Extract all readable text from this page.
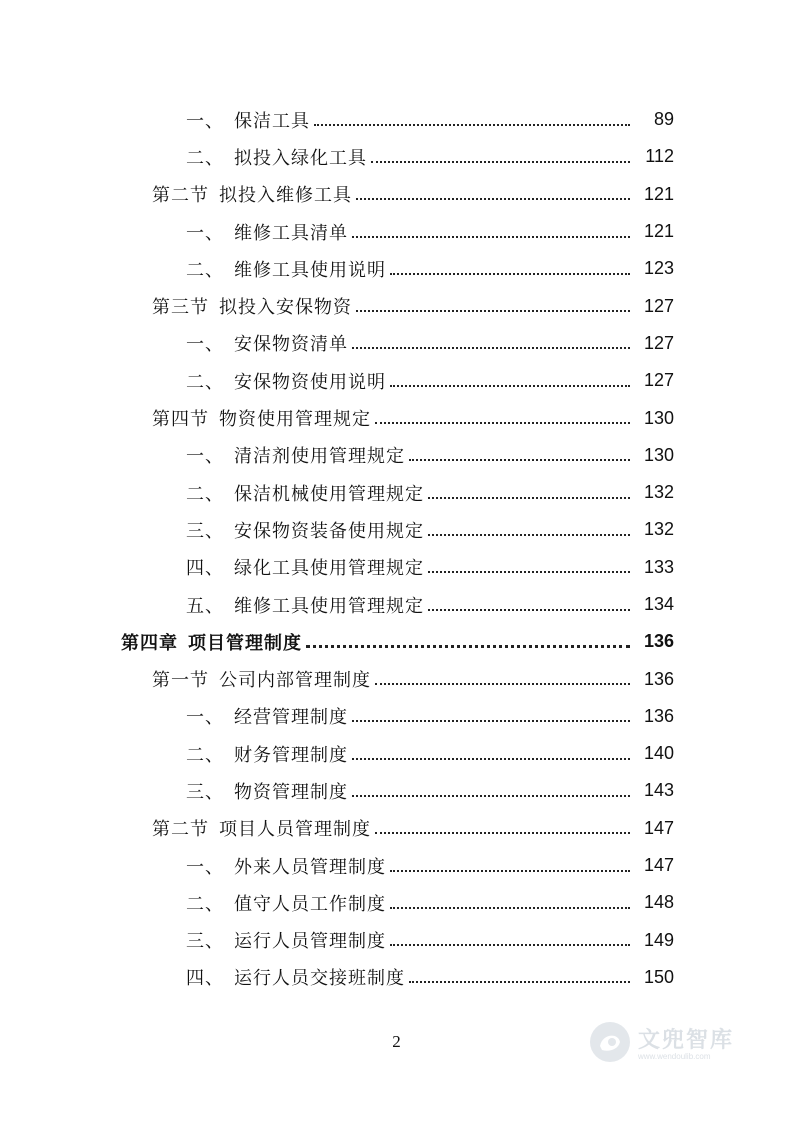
一、 保洁工具	89
二、 拟投入绿化工具	112
第二节 拟投入维修工具	121
一、 维修工具清单	121
二、 维修工具使用说明	123
第三节 拟投入安保物资	127
一、 安保物资清单	127
二、 安保物资使用说明	127
第四节 物资使用管理规定	130
一、 清洁剂使用管理规定	130
二、 保洁机械使用管理规定	132
三、 安保物资装备使用规定	132
四、 绿化工具使用管理规定	133
五、 维修工具使用管理规定	134
第四章 项目管理制度	136
第一节 公司内部管理制度	136
一、 经营管理制度	136
二、 财务管理制度	140
三、 物资管理制度	143
第二节 项目人员管理制度	147
一、 外来人员管理制度	147
二、 值守人员工作制度	148
三、 运行人员管理制度	149
四、 运行人员交接班制度	150
2	文兜智库
www.wendoulib.com
